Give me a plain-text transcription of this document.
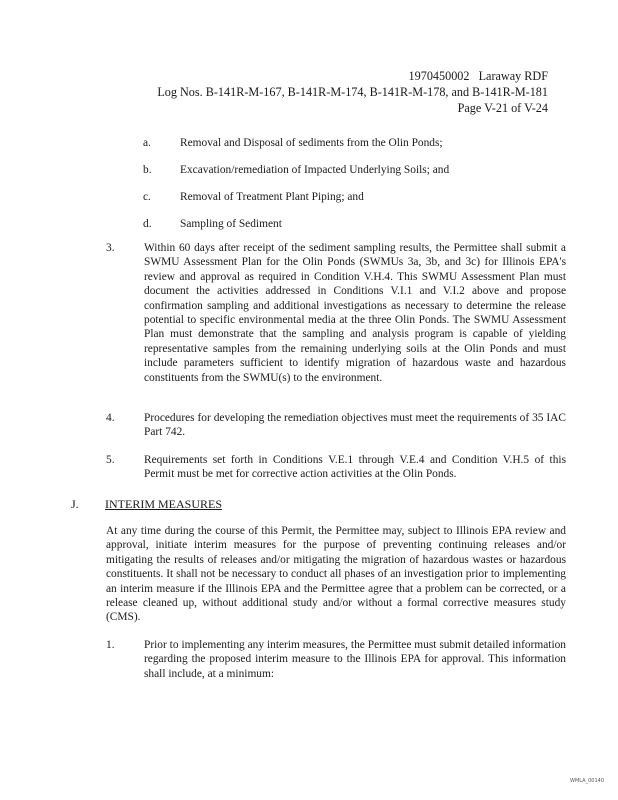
1970450002   Laraway RDF
Log Nos. B-141R-M-167, B-141R-M-174, B-141R-M-178, and B-141R-M-181
Page V-21 of V-24
a.	Removal and Disposal of sediments from the Olin Ponds;
b. Excavation/remediation of Impacted Underlying Soils; and
c.	Removal of Treatment Plant Piping; and
d. Sampling of Sediment
3.	Within 60 days after receipt of the sediment sampling results, the Permittee shall submit a SWMU Assessment Plan for the Olin Ponds (SWMUs 3a, 3b, and 3c) for Illinois EPA's review and approval as required in Condition V.H.4. This SWMU Assessment Plan must document the activities addressed in Conditions V.I.1 and V.I.2 above and propose confirmation sampling and additional investigations as necessary to determine the release potential to specific environmental media at the three Olin Ponds. The SWMU Assessment Plan must demonstrate that the sampling and analysis program is capable of yielding representative samples from the remaining underlying soils at the Olin Ponds and must include parameters sufficient to identify migration of hazardous waste and hazardous constituents from the SWMU(s) to the environment.
4.	Procedures for developing the remediation objectives must meet the requirements of 35 IAC Part 742.
5.	Requirements set forth in Conditions V.E.1 through V.E.4 and Condition V.H.5 of this Permit must be met for corrective action activities at the Olin Ponds.
J. INTERIM MEASURES
At any time during the course of this Permit, the Permittee may, subject to Illinois EPA review and approval, initiate interim measures for the purpose of preventing continuing releases and/or mitigating the results of releases and/or mitigating the migration of hazardous wastes or hazardous constituents. It shall not be necessary to conduct all phases of an investigation prior to implementing an interim measure if the Illinois EPA and the Permittee agree that a problem can be corrected, or a release cleaned up, without additional study and/or without a formal corrective measures study (CMS).
1.	Prior to implementing any interim measures, the Permittee must submit detailed information regarding the proposed interim measure to the Illinois EPA for approval. This information shall include, at a minimum:
WMLA_00140
